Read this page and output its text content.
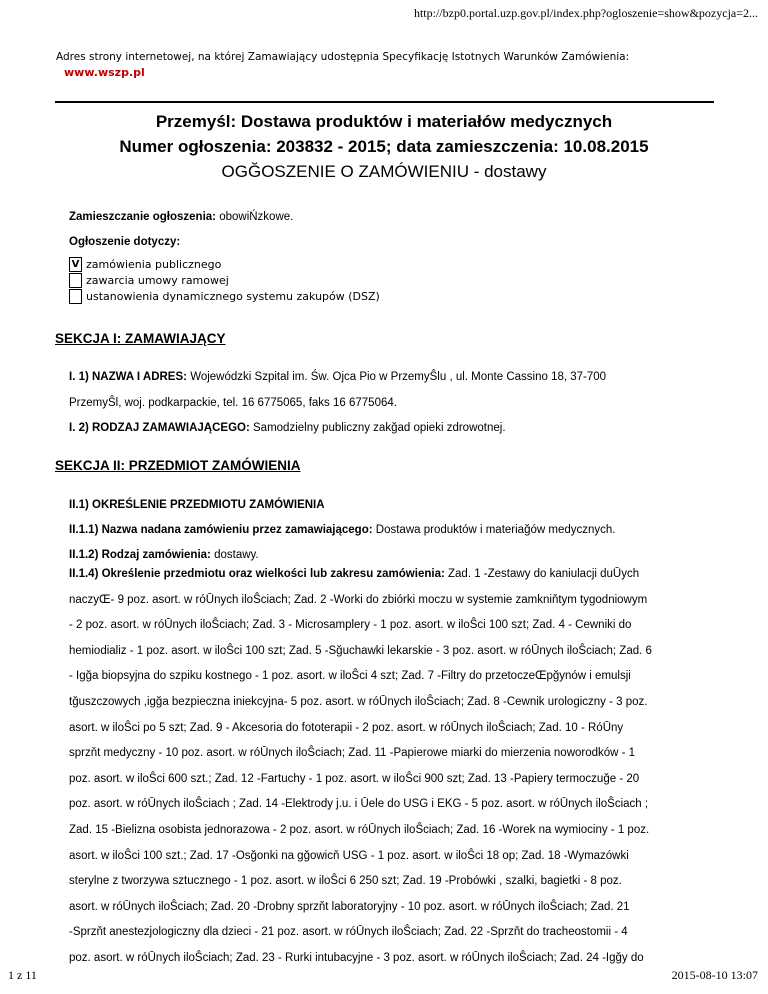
http://bzp0.portal.uzp.gov.pl/index.php?ogloszenie=show&pozycja=2...
Adres strony internetowej, na której Zamawiający udostępnia Specyfikację Istotnych Warunków Zamówienia:
www.wszp.pl
Przemyśl: Dostawa produktów i materiałów medycznych
Numer ogłoszenia: 203832 - 2015; data zamieszczenia: 10.08.2015
OGĞOSZENIE O ZAMÓWIENIU - dostawy
Zamieszczanie ogłoszenia: obowiŃzkowe.
Ogłoszenie dotyczy:
V zamówienia publicznego
zawarcia umowy ramowej
ustanowienia dynamicznego systemu zakupów (DSZ)
SEKCJA I: ZAMAWIAJĄCY
I. 1) NAZWA I ADRES: Wojewódzki Szpital im. Św. Ojca Pio w PrzemyŜlu , ul. Monte Cassino 18, 37-700
PrzemyŜl, woj. podkarpackie, tel. 16 6775065, faks 16 6775064.
I. 2) RODZAJ ZAMAWIAJĄCEGO: Samodzielny publiczny zakğad opieki zdrowotnej.
SEKCJA II: PRZEDMIOT ZAMÓWIENIA
II.1) OKREŚLENIE PRZEDMIOTU ZAMÓWIENIA
II.1.1) Nazwa nadana zamówieniu przez zamawiającego: Dostawa produktów i materiağów medycznych.
II.1.2) Rodzaj zamówienia: dostawy.
II.1.4) Określenie przedmiotu oraz wielkości lub zakresu zamówienia: Zad. 1 -Zestawy do kaniulacji duŪych
naczyŒ- 9 poz. asort. w róŪnych iloŜciach; Zad. 2 -Worki do zbiórki moczu w systemie zamkniňtym tygodniowym
- 2 poz. asort. w róŪnych iloŜciach; Zad. 3 - Microsamplery - 1 poz. asort. w iloŜci 100 szt; Zad. 4 - Cewniki do
hemiodializ - 1 poz. asort. w iloŜci 100 szt; Zad. 5 -Sğuchawki lekarskie - 3 poz. asort. w róŪnych iloŜciach; Zad. 6
- Igğa biopsyjna do szpiku kostnego - 1 poz. asort. w iloŜci 4 szt; Zad. 7 -Filtry do przetoczeŒpğynów i emulsji
tğuszczowych ,igğa bezpieczna iniekcyjna- 5 poz. asort. w róŪnych iloŜciach; Zad. 8 -Cewnik urologiczny - 3 poz.
asort. w iloŜci po 5 szt; Zad. 9 - Akcesoria do fototerapii - 2 poz. asort. w róŪnych iloŜciach; Zad. 10 - RóŪny
sprzňt medyczny - 10 poz. asort. w róŪnych iloŜciach; Zad. 11 -Papierowe miarki do mierzenia noworodków - 1
poz. asort. w iloŜci 600 szt.; Zad. 12 -Fartuchy - 1 poz. asort. w iloŜci 900 szt; Zad. 13 -Papiery termoczuğe - 20
poz. asort. w róŪnych iloŜciach ; Zad. 14 -Elektrody j.u. i Ūele do USG i EKG - 5 poz. asort. w róŪnych iloŜciach ;
Zad. 15 -Bielizna osobista jednorazowa - 2 poz. asort. w róŪnych iloŜciach; Zad. 16 -Worek na wymiociny - 1 poz.
asort. w iloŜci 100 szt.; Zad. 17 -Osğonki na gğowicň USG - 1 poz. asort. w iloŜci 18 op; Zad. 18 -Wymazówki
sterylne z tworzywa sztucznego - 1 poz. asort. w iloŜci 6 250 szt; Zad. 19 -Probówki , szalki, bagietki - 8 poz.
asort. w róŪnych iloŜciach; Zad. 20 -Drobny sprzňt laboratoryjny - 10 poz. asort. w róŪnych iloŜciach; Zad. 21
-Sprzňt anestezjologiczny dla dzieci - 21 poz. asort. w róŪnych iloŜciach; Zad. 22 -Sprzňt do tracheostomii - 4
poz. asort. w róŪnych iloŜciach; Zad. 23 - Rurki intubacyjne - 3 poz. asort. w róŪnych iloŜciach; Zad. 24 -Igğy do
1 z 11	2015-08-10 13:07
